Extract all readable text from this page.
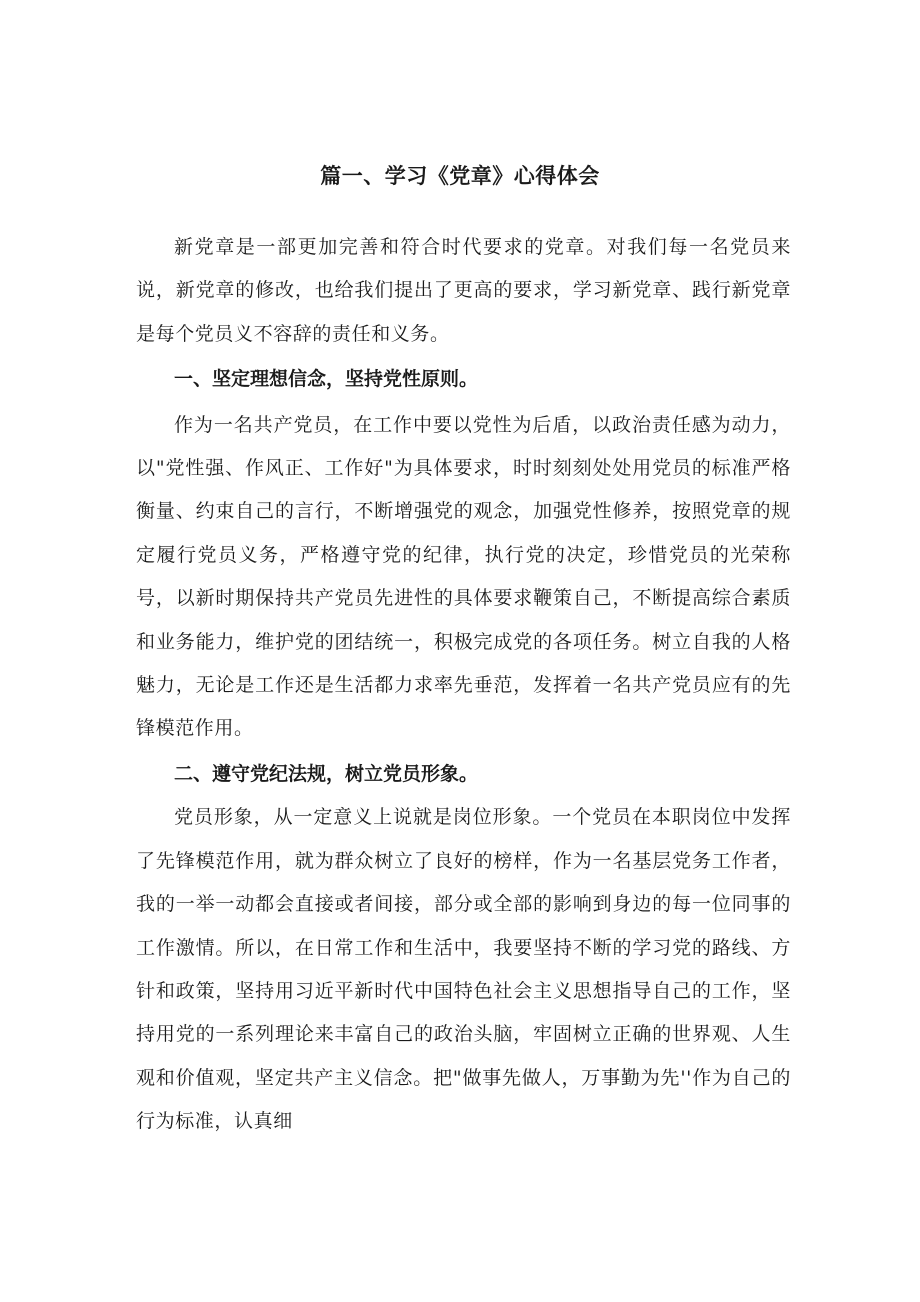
篇一、学习《党章》心得体会

新党章是一部更加完善和符合时代要求的党章。对我们每一名党员来说，新党章的修改，也给我们提出了更高的要求，学习新党章、践行新党章是每个党员义不容辞的责任和义务。

一、坚定理想信念，坚持党性原则。

作为一名共产党员，在工作中要以党性为后盾，以政治责任感为动力，以"党性强、作风正、工作好"为具体要求，时时刻刻处处用党员的标准严格衡量、约束自己的言行，不断增强党的观念，加强党性修养，按照党章的规定履行党员义务，严格遵守党的纪律，执行党的决定，珍惜党员的光荣称号，以新时期保持共产党员先进性的具体要求鞭策自己，不断提高综合素质和业务能力，维护党的团结统一，积极完成党的各项任务。树立自我的人格魅力，无论是工作还是生活都力求率先垂范，发挥着一名共产党员应有的先锋模范作用。

二、遵守党纪法规，树立党员形象。

党员形象，从一定意义上说就是岗位形象。一个党员在本职岗位中发挥了先锋模范作用，就为群众树立了良好的榜样，作为一名基层党务工作者，我的一举一动都会直接或者间接，部分或全部的影响到身边的每一位同事的工作激情。所以，在日常工作和生活中，我要坚持不断的学习党的路线、方针和政策，坚持用习近平新时代中国特色社会主义思想指导自己的工作，坚持用党的一系列理论来丰富自己的政治头脑，牢固树立正确的世界观、人生观和价值观，坚定共产主义信念。把"做事先做人，万事勤为先''作为自己的行为标准，认真细
